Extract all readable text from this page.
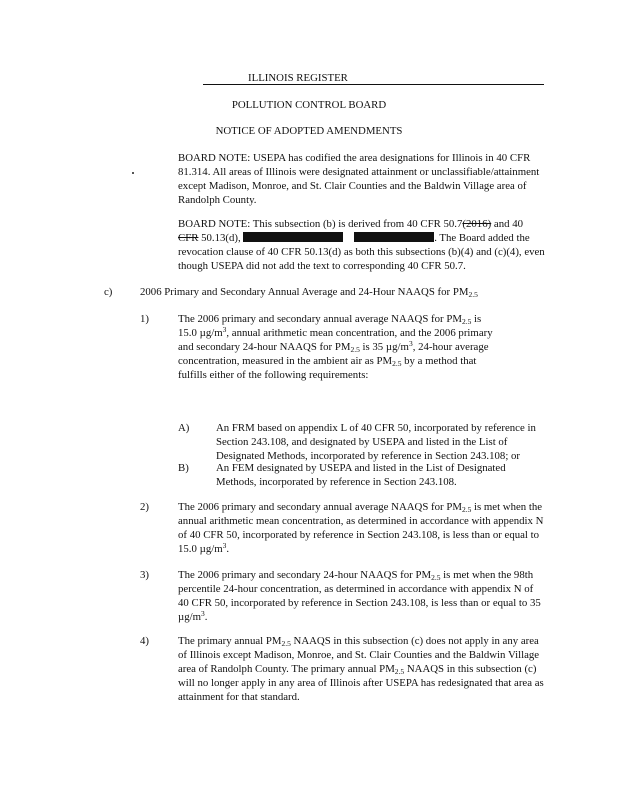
ILLINOIS REGISTER
POLLUTION CONTROL BOARD
NOTICE OF ADOPTED AMENDMENTS
BOARD NOTE: USEPA has codified the area designations for Illinois in 40 CFR 81.314. All areas of Illinois were designated attainment or unclassifiable/attainment except Madison, Monroe, and St. Clair Counties and the Baldwin Village area of Randolph County.
BOARD NOTE: This subsection (b) is derived from 40 CFR 50.7(2016) and 40 CFR 50.13(d),	. The Board added the revocation clause of 40 CFR 50.13(d) as both this subsections (b)(4) and (c)(4), even though USEPA did not add the text to corresponding 40 CFR 50.7.
c)	2006 Primary and Secondary Annual Average and 24-Hour NAAQS for $PM_{2.5}$
1)	The 2006 primary and secondary annual average NAAQS for $PM_{2.5}$ is
15.0 $\mu g/m^3$, annual arithmetic mean concentration, and the 2006 primary
and secondary 24-hour NAAQS for $PM_{2.5}$ is 35 $\mu g/m^3$, 24-hour average
concentration, measured in the ambient air as $PM_{2.5}$ by a method that
fulfills either of the following requirements:
A) An FRM based on appendix L of 40 CFR 50, incorporated by reference in Section 243.108, and designated by USEPA and listed in the List of Designated Methods, incorporated by reference in Section 243.108; or
B)	An FEM designated by USEPA and listed in the List of Designated Methods, incorporated by reference in Section 243.108.
2)	The 2006 primary and secondary annual average NAAQS for $PM_{2.5}$ is met when the annual arithmetic mean concentration, as determined in accordance with appendix N of 40 CFR 50, incorporated by reference in Section 243.108, is less than or equal to 15.0 $\mu g/m^3$.
3)	The 2006 primary and secondary 24-hour NAAQS for $PM_{2.5}$ is met when the 98th percentile 24-hour concentration, as determined in accordance with appendix N of 40 CFR 50, incorporated by reference in Section 243.108, is less than or equal to 35 $\mu g/m^3$.
4)	The primary annual $PM_{2.5}$ NAAQS in this subsection (c) does not apply in any area of Illinois except Madison, Monroe, and St. Clair Counties and the Baldwin Village area of Randolph County. The primary annual $PM_{2.5}$ NAAQS in this subsection (c) will no longer apply in any area of Illinois after USEPA has redesignated that area as attainment for that standard.
